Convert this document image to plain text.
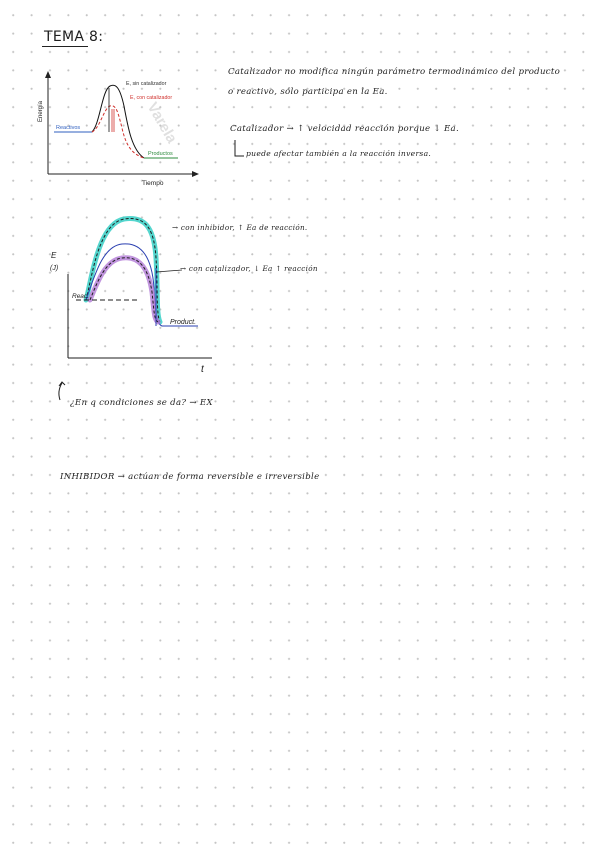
TEMA 8:
Varela
Energía
Tiempo
Reactivos
Productos
E, sin catalizador
E, con catalizador
Catalizador no modifica ningún parámetro termodinámico del producto
o reactivo, sólo participa en la Ea.
Catalizador → ↑ velocidad reacción porque ↓ Ea.
puede afectar también a la reacción inversa.
E
(J)
t
Reac.
Product.
→ con inhibidor, ↑ Ea de reacción.
→ con catalizador, ↓ Ea ↑ reacción
¿En q condiciones se da? → EX
INHIBIDOR → actúan de forma reversible e irreversible
